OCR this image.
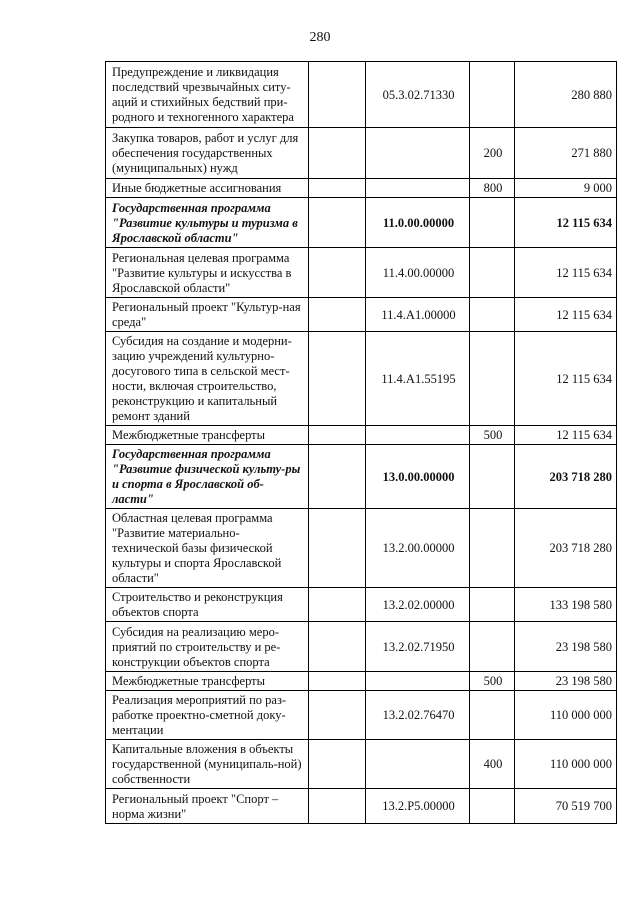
280
Предупреждение и ликвидация последствий чрезвычайных ситу-аций и стихийных бедствий при-родного и техногенного характера		05.3.02.71330		280 880
Закупка товаров, работ и услуг для обеспечения государственных (муниципальных) нужд			200	271 880
Иные бюджетные ассигнования			800	9 000
Государственная программа "Развитие культуры и туризма в Ярославской области"		11.0.00.00000		12 115 634
Региональная целевая программа "Развитие культуры и искусства в Ярославской области"		11.4.00.00000		12 115 634
Региональный проект "Культур-ная среда"		11.4.A1.00000		12 115 634
Субсидия на создание и модерни-зацию учреждений культурно-досугового типа в сельской мест-ности, включая строительство, реконструкцию и капитальный ремонт зданий		11.4.A1.55195		12 115 634
Межбюджетные трансферты			500	12 115 634
Государственная программа "Развитие физической культу-ры и спорта в Ярославской об-ласти"		13.0.00.00000		203 718 280
Областная целевая программа "Развитие материально-технической базы физической культуры и спорта Ярославской области"		13.2.00.00000		203 718 280
Строительство и реконструкция объектов спорта		13.2.02.00000		133 198 580
Субсидия на реализацию меро-приятий по строительству и ре-конструкции объектов спорта		13.2.02.71950		23 198 580
Межбюджетные трансферты			500	23 198 580
Реализация мероприятий по раз-работке проектно-сметной доку-ментации		13.2.02.76470		110 000 000
Капитальные вложения в объекты государственной (муниципаль-ной) собственности			400	110 000 000
Региональный проект "Спорт – норма жизни"		13.2.P5.00000		70 519 700
